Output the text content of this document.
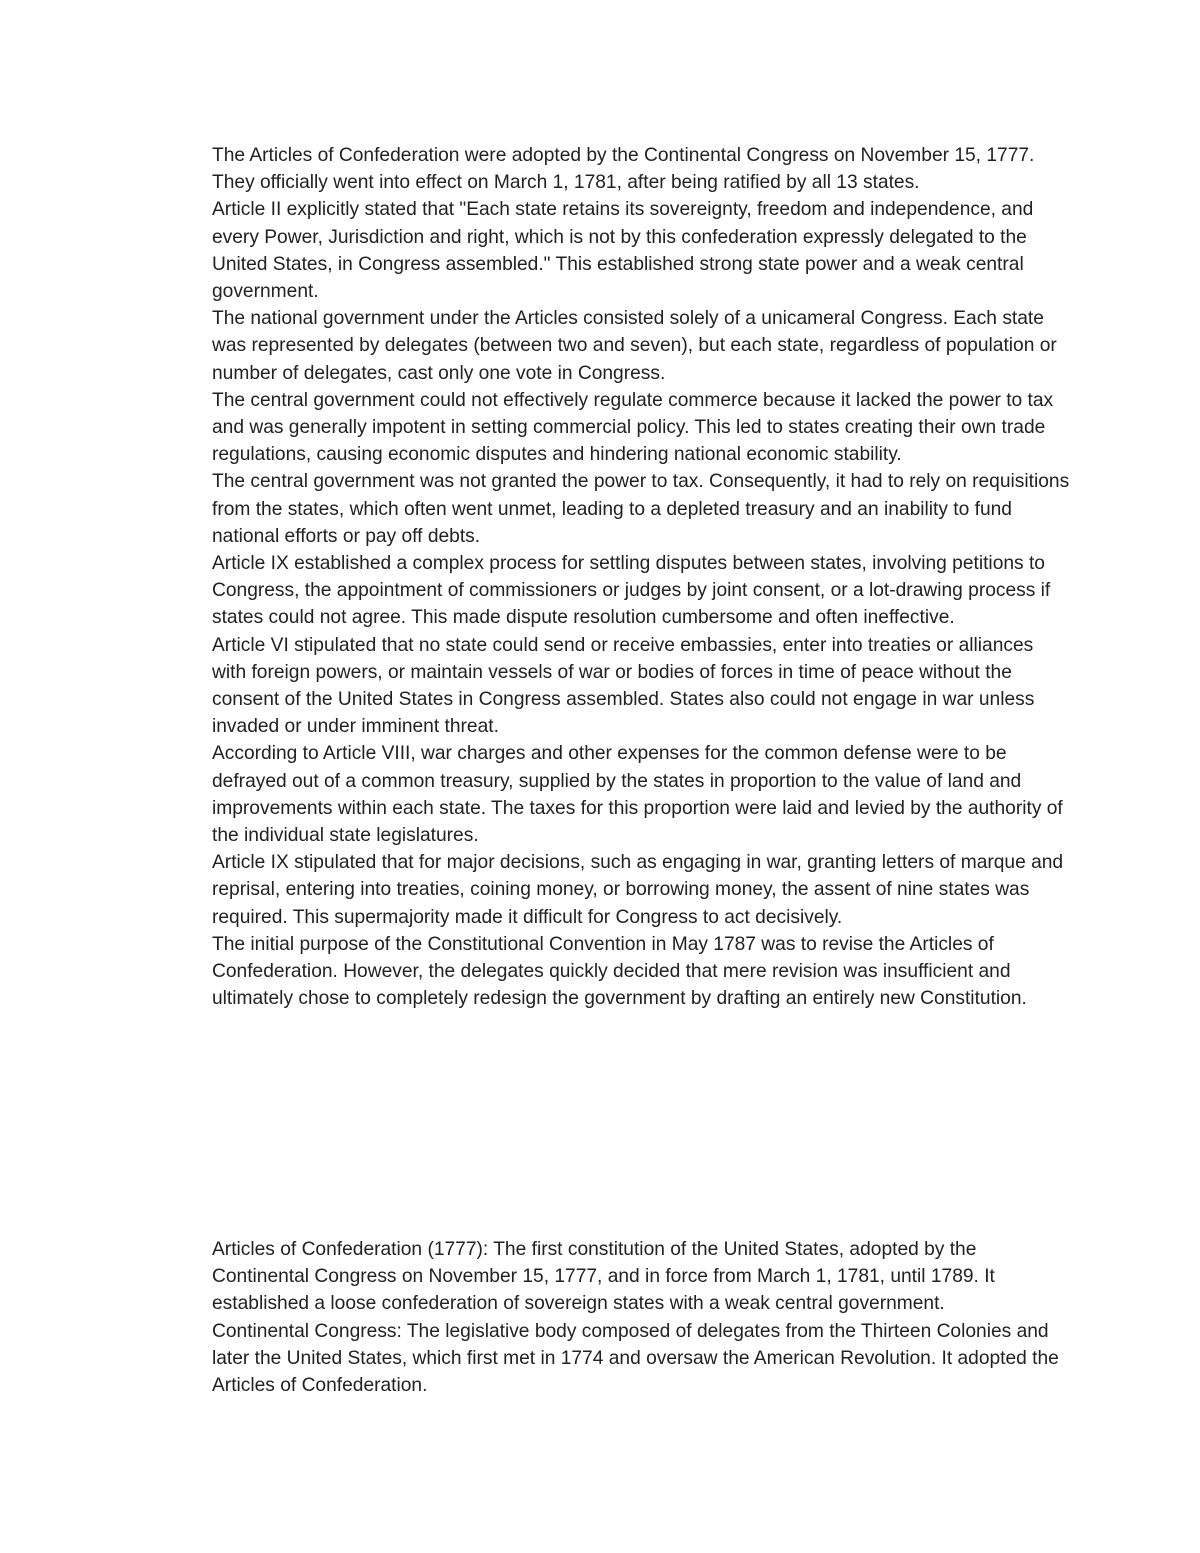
The Articles of Confederation were adopted by the Continental Congress on November 15, 1777. They officially went into effect on March 1, 1781, after being ratified by all 13 states.

Article II explicitly stated that "Each state retains its sovereignty, freedom and independence, and every Power, Jurisdiction and right, which is not by this confederation expressly delegated to the United States, in Congress assembled." This established strong state power and a weak central government.

The national government under the Articles consisted solely of a unicameral Congress. Each state was represented by delegates (between two and seven), but each state, regardless of population or number of delegates, cast only one vote in Congress.

The central government could not effectively regulate commerce because it lacked the power to tax and was generally impotent in setting commercial policy. This led to states creating their own trade regulations, causing economic disputes and hindering national economic stability.

The central government was not granted the power to tax. Consequently, it had to rely on requisitions from the states, which often went unmet, leading to a depleted treasury and an inability to fund national efforts or pay off debts.

Article IX established a complex process for settling disputes between states, involving petitions to Congress, the appointment of commissioners or judges by joint consent, or a lot-drawing process if states could not agree. This made dispute resolution cumbersome and often ineffective.

Article VI stipulated that no state could send or receive embassies, enter into treaties or alliances with foreign powers, or maintain vessels of war or bodies of forces in time of peace without the consent of the United States in Congress assembled. States also could not engage in war unless invaded or under imminent threat.

According to Article VIII, war charges and other expenses for the common defense were to be defrayed out of a common treasury, supplied by the states in proportion to the value of land and improvements within each state. The taxes for this proportion were laid and levied by the authority of the individual state legislatures.

Article IX stipulated that for major decisions, such as engaging in war, granting letters of marque and reprisal, entering into treaties, coining money, or borrowing money, the assent of nine states was required. This supermajority made it difficult for Congress to act decisively.

The initial purpose of the Constitutional Convention in May 1787 was to revise the Articles of Confederation. However, the delegates quickly decided that mere revision was insufficient and ultimately chose to completely redesign the government by drafting an entirely new Constitution.

Articles of Confederation (1777): The first constitution of the United States, adopted by the Continental Congress on November 15, 1777, and in force from March 1, 1781, until 1789. It established a loose confederation of sovereign states with a weak central government.

Continental Congress: The legislative body composed of delegates from the Thirteen Colonies and later the United States, which first met in 1774 and oversaw the American Revolution. It adopted the Articles of Confederation.
